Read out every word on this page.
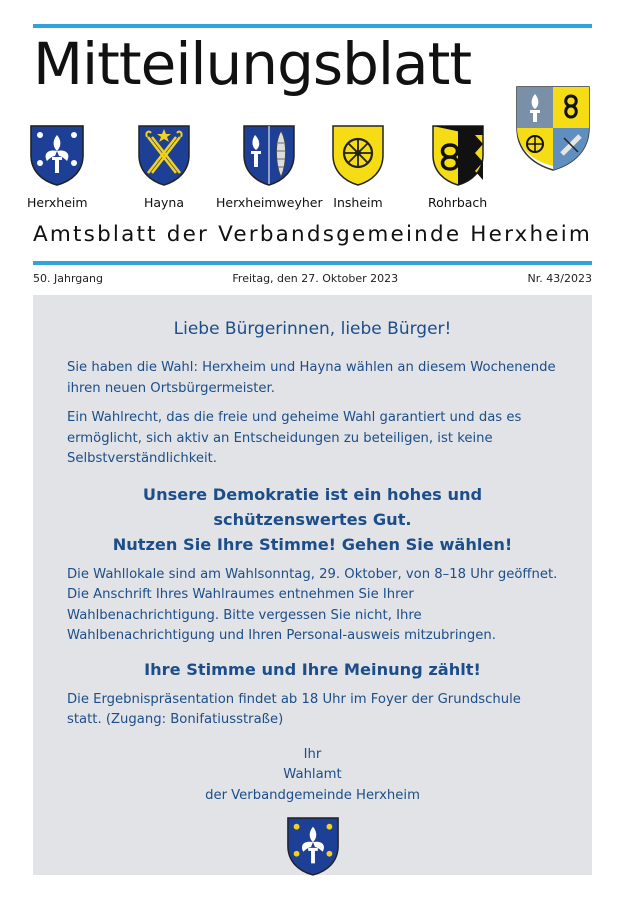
Mitteilungsblatt
Herxheim	Hayna	Herxheimweyher Insheim	Rohrbach

Amtsblatt der Verbandsgemeinde Herxheim

50. Jahrgang	Freitag, den 27. Oktober 2023	Nr. 43/2023
Liebe Bürgerinnen, liebe Bürger!

Sie haben die Wahl: Herxheim und Hayna wählen an diesem Wochenende ihren neuen Ortsbürgermeister.

Ein Wahlrecht, das die freie und geheime Wahl garantiert und das es ermöglicht, sich aktiv an Entscheidungen zu beteiligen, ist keine Selbstverständlichkeit.

Unsere Demokratie ist ein hohes und schützenswertes Gut.
Nutzen Sie Ihre Stimme! Gehen Sie wählen!

Die Wahllokale sind am Wahlsonntag, 29. Oktober, von 8–18 Uhr geöffnet. Die Anschrift Ihres Wahlraumes entnehmen Sie Ihrer Wahlbenachrichtigung. Bitte vergessen Sie nicht, Ihre Wahlbenachrichtigung und Ihren Personal-ausweis mitzubringen.

Ihre Stimme und Ihre Meinung zählt!

Die Ergebnispräsentation findet ab 18 Uhr im Foyer der Grundschule statt. (Zugang: Bonifatiusstraße)

Ihr

Wahlamt

der Verbandgemeinde Herxheim
